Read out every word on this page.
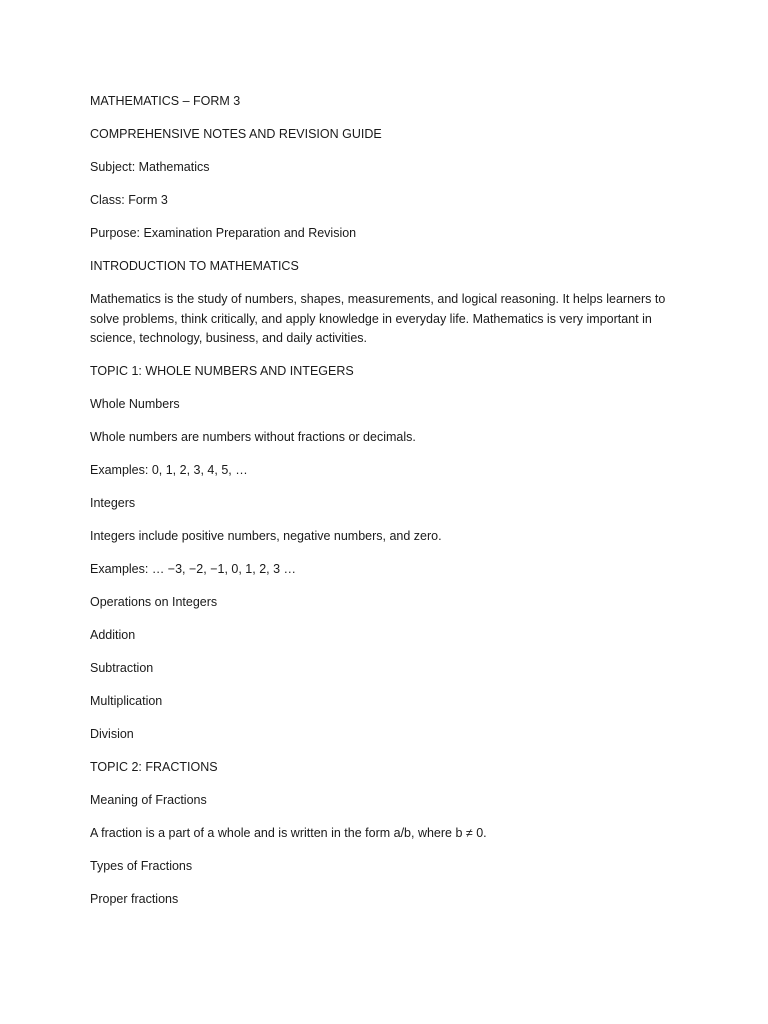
MATHEMATICS – FORM 3

COMPREHENSIVE NOTES AND REVISION GUIDE

Subject: Mathematics

Class: Form 3

Purpose: Examination Preparation and Revision

INTRODUCTION TO MATHEMATICS

Mathematics is the study of numbers, shapes, measurements, and logical reasoning. It helps learners to solve problems, think critically, and apply knowledge in everyday life. Mathematics is very important in science, technology, business, and daily activities.

TOPIC 1: WHOLE NUMBERS AND INTEGERS

Whole Numbers

Whole numbers are numbers without fractions or decimals.

Examples: 0, 1, 2, 3, 4, 5, …

Integers

Integers include positive numbers, negative numbers, and zero.

Examples: … −3, −2, −1, 0, 1, 2, 3 …

Operations on Integers

Addition

Subtraction

Multiplication

Division

TOPIC 2: FRACTIONS

Meaning of Fractions

A fraction is a part of a whole and is written in the form a/b, where b ≠ 0.

Types of Fractions

Proper fractions
